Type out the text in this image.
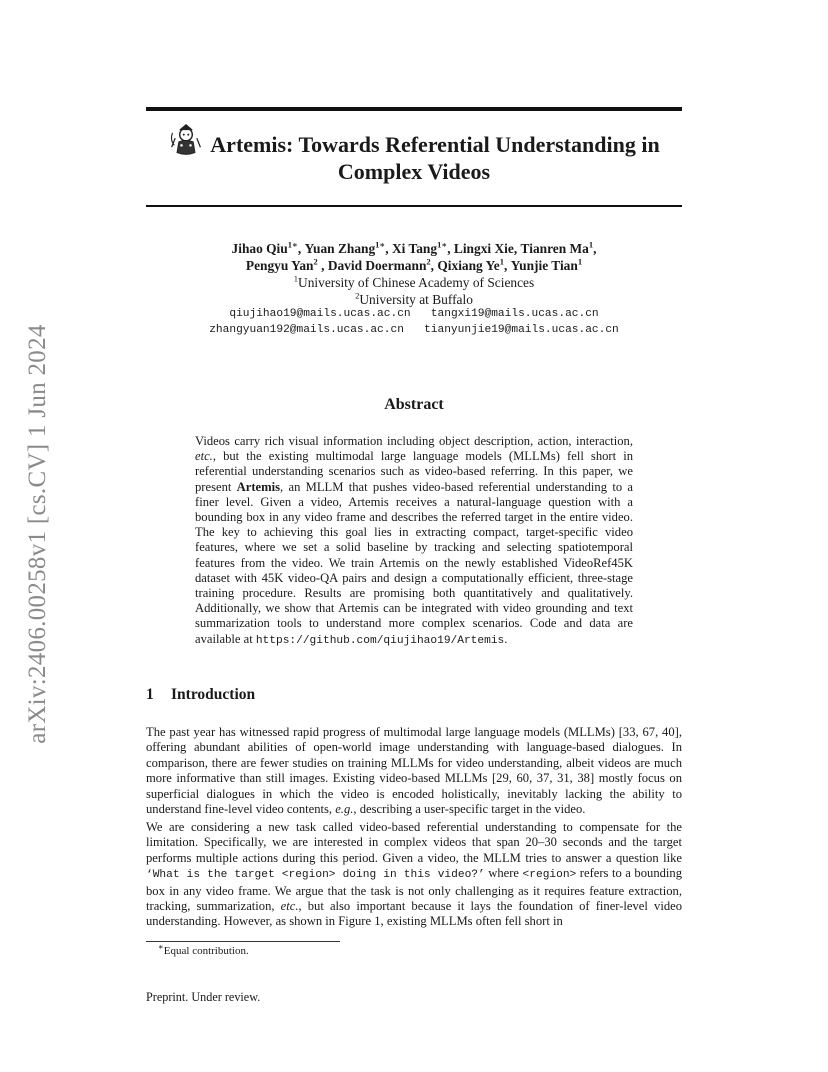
arXiv:2406.00258v1 [cs.CV] 1 Jun 2024
Artemis: Towards Referential Understanding in
Complex Videos
Jihao Qiu$^{1∗}$, Yuan Zhang$^{1∗}$, Xi Tang$^{1∗}$, Lingxi Xie, Tianren Ma$^1$,
Pengyu Yan$^2$ , David Doermann$^2$, Qixiang Ye$^1$, Yunjie Tian$^1$
$^1$University of Chinese Academy of Sciences
$^2$University at Buffalo
qiujihao19@mails.ucas.ac.cn tangxi19@mails.ucas.ac.cn
zhangyuan192@mails.ucas.ac.cn tianyunjie19@mails.ucas.ac.cn
Abstract
Videos carry rich visual information including object description, action, interaction, etc., but the existing multimodal large language models (MLLMs) fell short in referential understanding scenarios such as video-based referring. In this paper, we present Artemis, an MLLM that pushes video-based referential understanding to a finer level. Given a video, Artemis receives a natural-language question with a bounding box in any video frame and describes the referred target in the entire video. The key to achieving this goal lies in extracting compact, target-specific video features, where we set a solid baseline by tracking and selecting spatiotemporal features from the video. We train Artemis on the newly established VideoRef45K dataset with 45K video-QA pairs and design a computationally efficient, three-stage training procedure. Results are promising both quantitatively and qualitatively. Additionally, we show that Artemis can be integrated with video grounding and text summarization tools to understand more complex scenarios. Code and data are available at https://github.com/qiujihao19/Artemis.
1 Introduction
The past year has witnessed rapid progress of multimodal large language models (MLLMs) [33, 67, 40], offering abundant abilities of open-world image understanding with language-based dialogues. In comparison, there are fewer studies on training MLLMs for video understanding, albeit videos are much more informative than still images. Existing video-based MLLMs [29, 60, 37, 31, 38] mostly focus on superficial dialogues in which the video is encoded holistically, inevitably lacking the ability to understand fine-level video contents, e.g., describing a user-specific target in the video.
We are considering a new task called video-based referential understanding to compensate for the limitation. Specifically, we are interested in complex videos that span 20–30 seconds and the target performs multiple actions during this period. Given a video, the MLLM tries to answer a question like ‘What is the target <region> doing in this video?’ where <region> refers to a bounding box in any video frame. We argue that the task is not only challenging as it requires feature extraction, tracking, summarization, etc., but also important because it lays the foundation of finer-level video understanding. However, as shown in Figure 1, existing MLLMs often fell short in
∗Equal contribution.
Preprint. Under review.
